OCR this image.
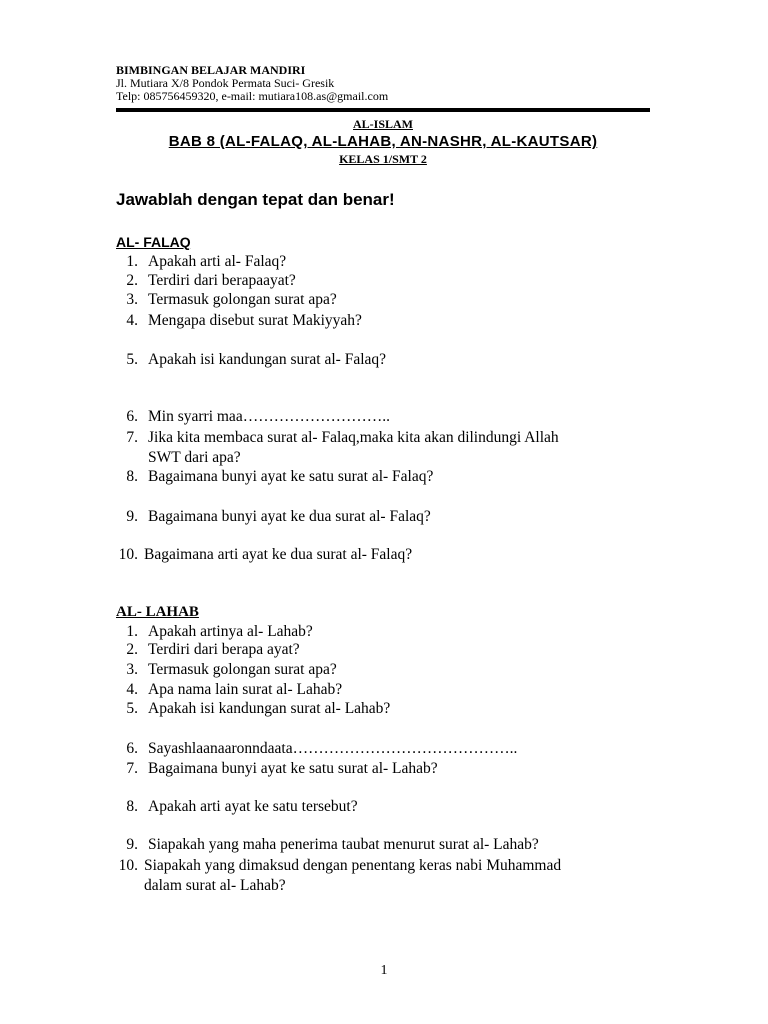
BIMBINGAN BELAJAR MANDIRI
Jl. Mutiara X/8 Pondok Permata Suci- Gresik
Telp: 085756459320, e-mail: mutiara108.as@gmail.com
AL-ISLAM
BAB 8 (AL-FALAQ, AL-LAHAB, AN-NASHR, AL-KAUTSAR)
KELAS 1/SMT 2
Jawablah dengan tepat dan benar!
AL- FALAQ
1. Apakah arti al- Falaq?
2. Terdiri dari berapaayat?
3. Termasuk golongan surat apa?
4. Mengapa disebut surat Makiyyah?
5. Apakah isi kandungan surat al- Falaq?
6. Min syarri maa………………………..
7. Jika kita membaca surat al- Falaq,maka kita akan dilindungi Allah
SWT dari apa?
8. Bagaimana bunyi ayat ke satu surat al- Falaq?
9. Bagaimana bunyi ayat ke dua surat al- Falaq?
10. Bagaimana arti ayat ke dua surat al- Falaq?
AL- LAHAB
1. Apakah artinya al- Lahab?
2. Terdiri dari berapa ayat?
3. Termasuk golongan surat apa?
4. Apa nama lain surat al- Lahab?
5. Apakah isi kandungan surat al- Lahab?
6. Sayashlaanaaronndaata……………………………………..
7. Bagaimana bunyi ayat ke satu surat al- Lahab?
8. Apakah arti ayat ke satu tersebut?
9. Siapakah yang maha penerima taubat menurut surat al- Lahab?
10. Siapakah yang dimaksud dengan penentang keras nabi Muhammad
dalam surat al- Lahab?
1
